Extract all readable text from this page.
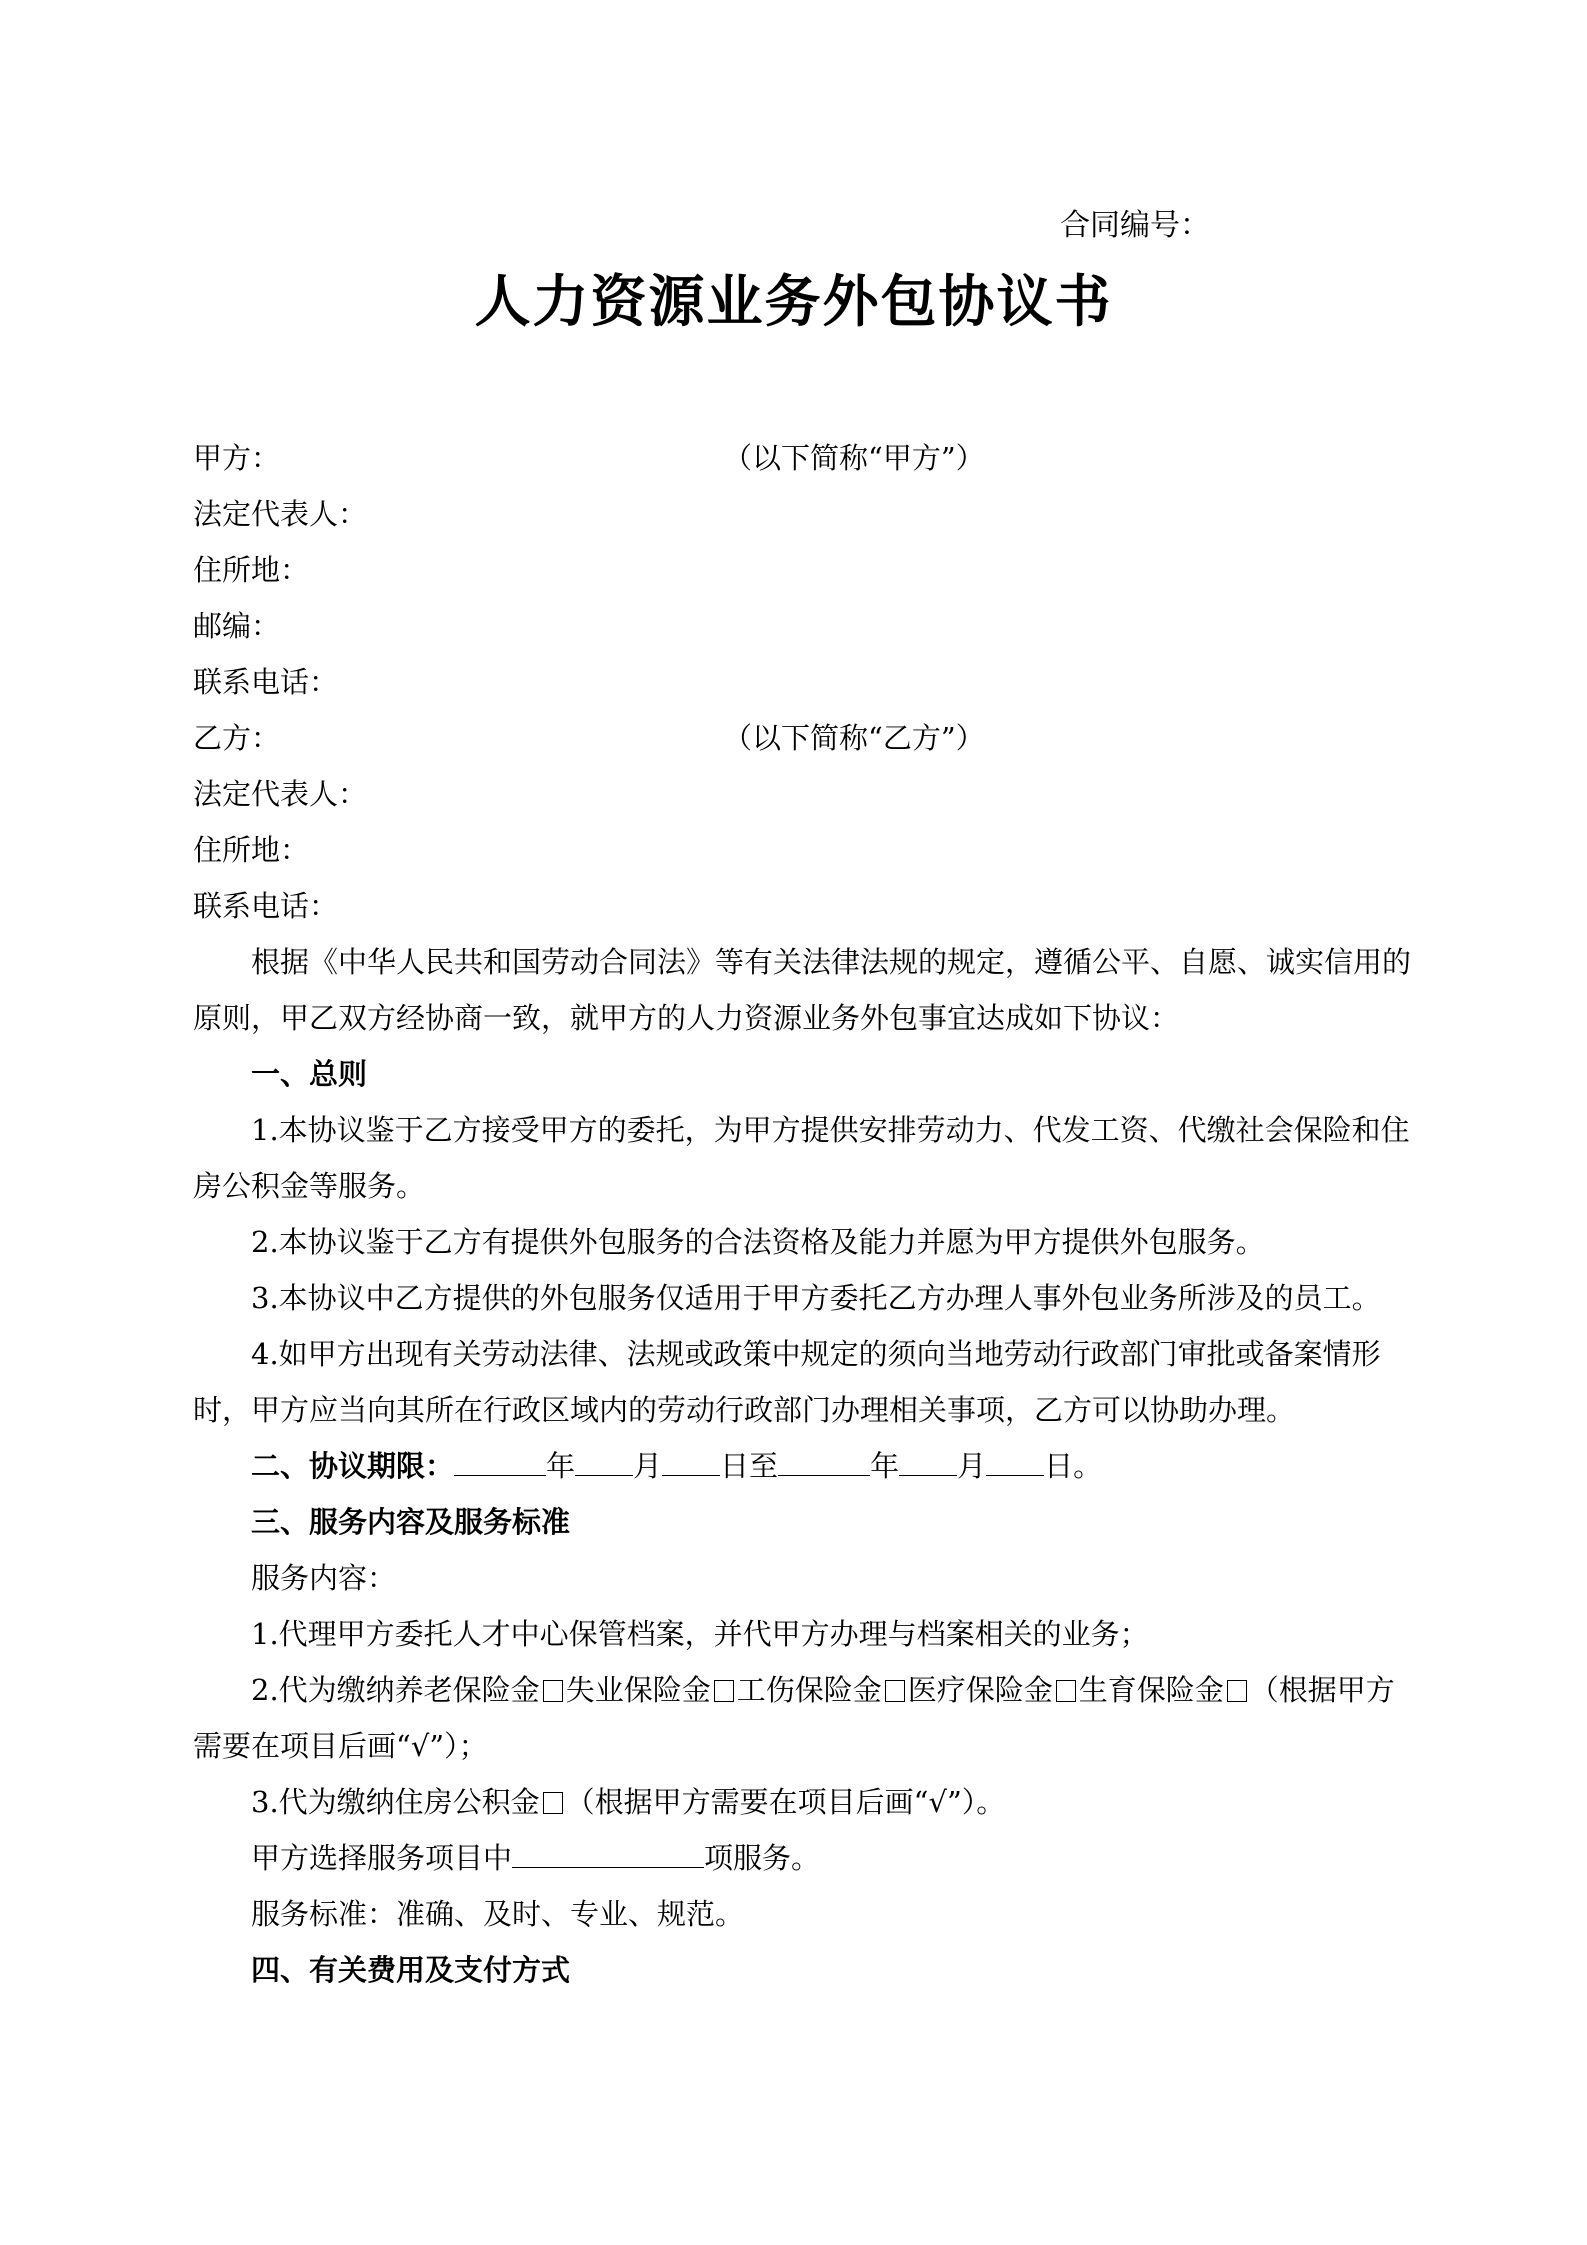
合同编号：
人力资源业务外包协议书
甲方：	（以下简称“甲方”）
法定代表人：
住所地：
邮编：
联系电话：
乙方：	（以下简称“乙方”）
法定代表人：
住所地：
联系电话：
根据《中华人民共和国劳动合同法》等有关法律法规的规定，遵循公平、自愿、诚实信用的原则，甲乙双方经协商一致，就甲方的人力资源业务外包事宜达成如下协议：
一、总则
1.本协议鉴于乙方接受甲方的委托，为甲方提供安排劳动力、代发工资、代缴社会保险和住房公积金等服务。
2.本协议鉴于乙方有提供外包服务的合法资格及能力并愿为甲方提供外包服务。
3.本协议中乙方提供的外包服务仅适用于甲方委托乙方办理人事外包业务所涉及的员工。
4.如甲方出现有关劳动法律、法规或政策中规定的须向当地劳动行政部门审批或备案情形时，甲方应当向其所在行政区域内的劳动行政部门办理相关事项，乙方可以协助办理。
二、协议期限：	年 月 日至	年 月 日。
三、服务内容及服务标准
服务内容：
1.代理甲方委托人才中心保管档案，并代甲方办理与档案相关的业务；
2.代为缴纳养老保险金 失业保险金 工伤保险金 医疗保险金 生育保险金 （根据甲方需要在项目后画“√”）；
3.代为缴纳住房公积金 （根据甲方需要在项目后画“√”）。
甲方选择服务项目中	项服务。
服务标准：准确、及时、专业、规范。
四、有关费用及支付方式
